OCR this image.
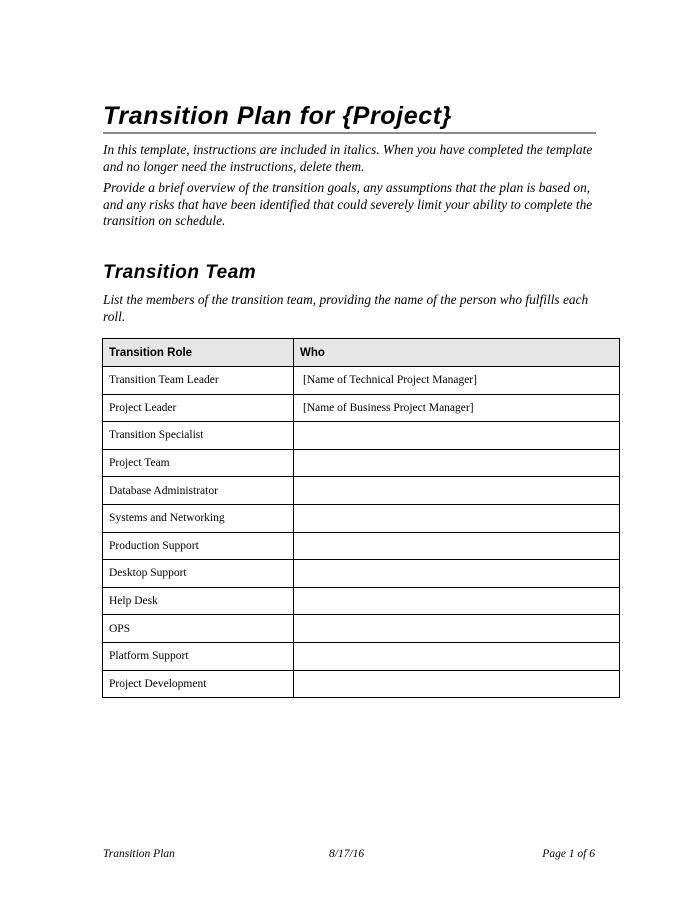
Transition Plan for {Project}

In this template, instructions are included in italics. When you have completed the template and no longer need the instructions, delete them.

Provide a brief overview of the transition goals, any assumptions that the plan is based on, and any risks that have been identified that could severely limit your ability to complete the transition on schedule.

Transition Team

List the members of the transition team, providing the name of the person who fulfills each roll.

Transition Role	Who
Transition Team Leader	[Name of Technical Project Manager]
Project Leader	[Name of Business Project Manager]
Transition Specialist	
Project Team	
Database Administrator	
Systems and Networking	
Production Support	
Desktop Support	
Help Desk	
OPS	
Platform Support	
Project Development	
Transition Plan	8/17/16	Page 1 of 6
